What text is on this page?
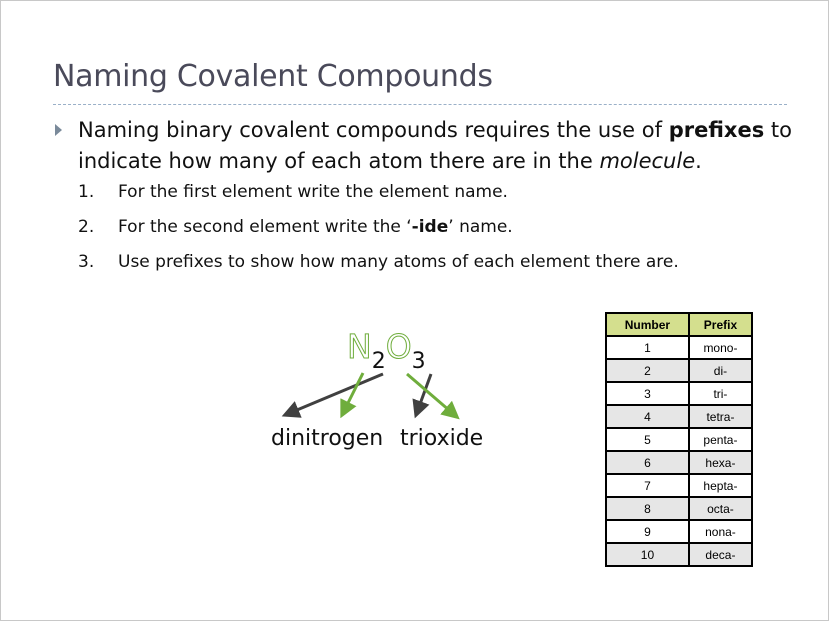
Naming Covalent Compounds
Naming binary covalent compounds requires the use of prefixes to indicate how many of each atom there are in the molecule.
1. For the first element write the element name.
2. For the second element write the ‘-ide’ name.
3. Use prefixes to show how many atoms of each element there are.
$N_2O_3$
dinitrogen trioxide
Number	Prefix
1	mono-
2	di-
3	tri-
4	tetra-
5	penta-
6	hexa-
7	hepta-
8	octa-
9	nona-
10	deca-
